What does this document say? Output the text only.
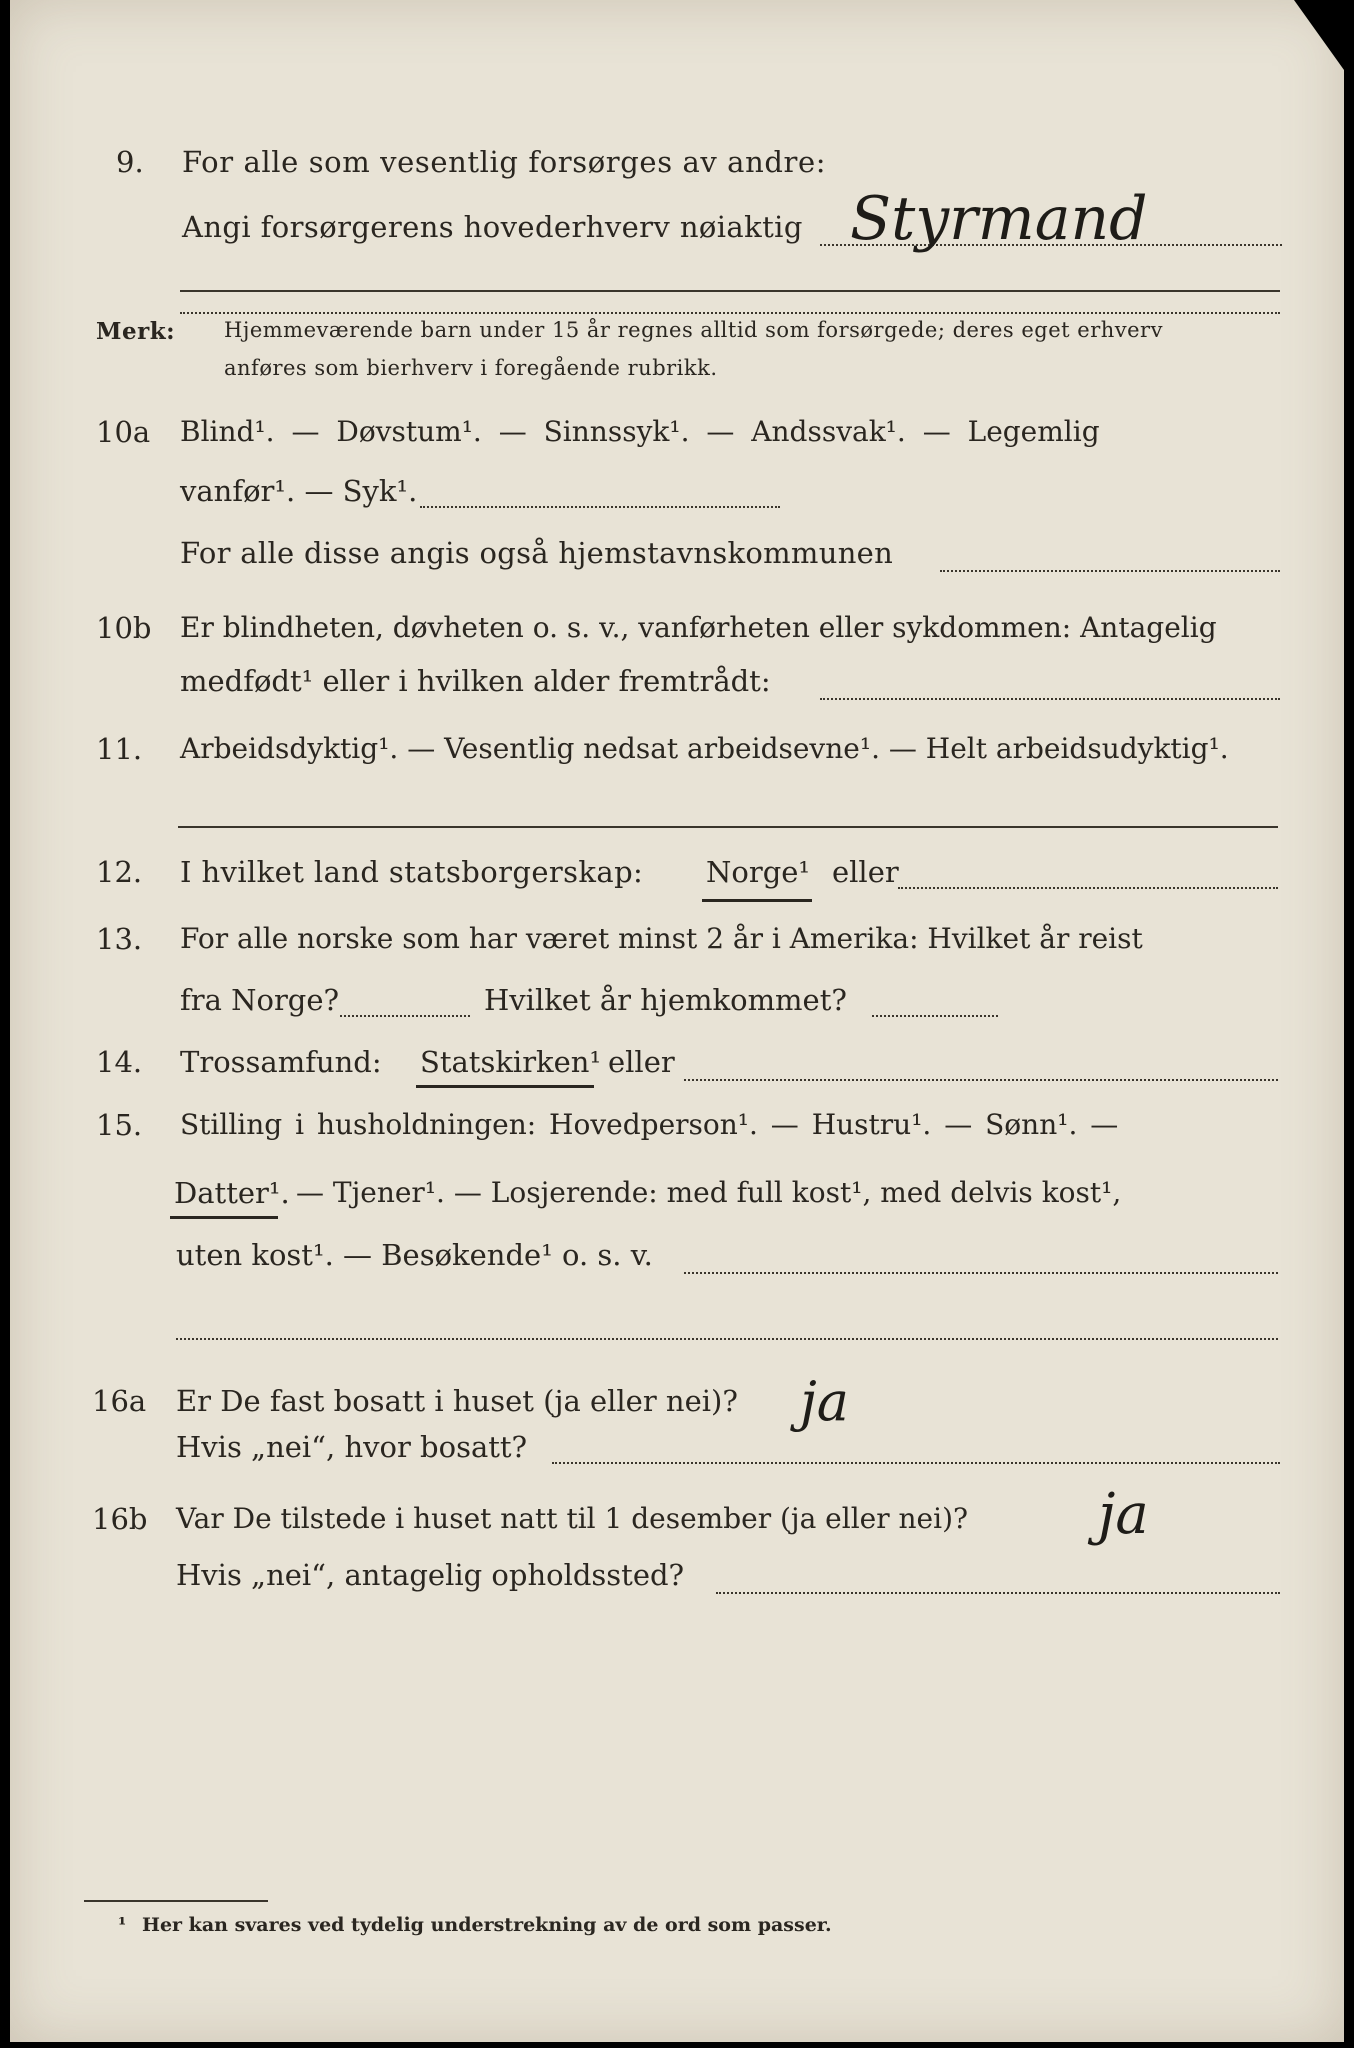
9. For alle som vesentlig forsørges av andre:
Angi forsørgerens hovederhverv nøiaktig Styrmand
Merk: Hjemmeværende barn under 15 år regnes alltid som forsørgede; deres eget erhverv
anføres som bierhverv i foregående rubrikk.
10a Blind¹. — Døvstum¹. — Sinnssyk¹. — Andssvak¹. — Legemlig
vanfør¹. — Syk¹.
For alle disse angis også hjemstavnskommunen
10b Er blindheten, døvheten o. s. v., vanførheten eller sykdommen: Antagelig
medfødt¹ eller i hvilken alder fremtrådt:
11. Arbeidsdyktig¹. — Vesentlig nedsat arbeidsevne¹. — Helt arbeidsudyktig¹.
12. I hvilket land statsborgerskap: Norge¹ eller
13. For alle norske som har været minst 2 år i Amerika: Hvilket år reist
fra Norge?	Hvilket år hjemkommet?
14. Trossamfund: Statskirken¹ eller
15. Stilling i husholdningen: Hovedperson¹. — Hustru¹. — Sønn¹. —
Datter¹. — Tjener¹. — Losjerende: med full kost¹, med delvis kost¹,
uten kost¹. — Besøkende¹ o. s. v.
16a Er De fast bosatt i huset (ja eller nei)? ja
Hvis „nei“, hvor bosatt?
16b Var De tilstede i huset natt til 1 desember (ja eller nei)? ja
Hvis „nei“, antagelig opholdssted?
¹ Her kan svares ved tydelig understrekning av de ord som passer.
